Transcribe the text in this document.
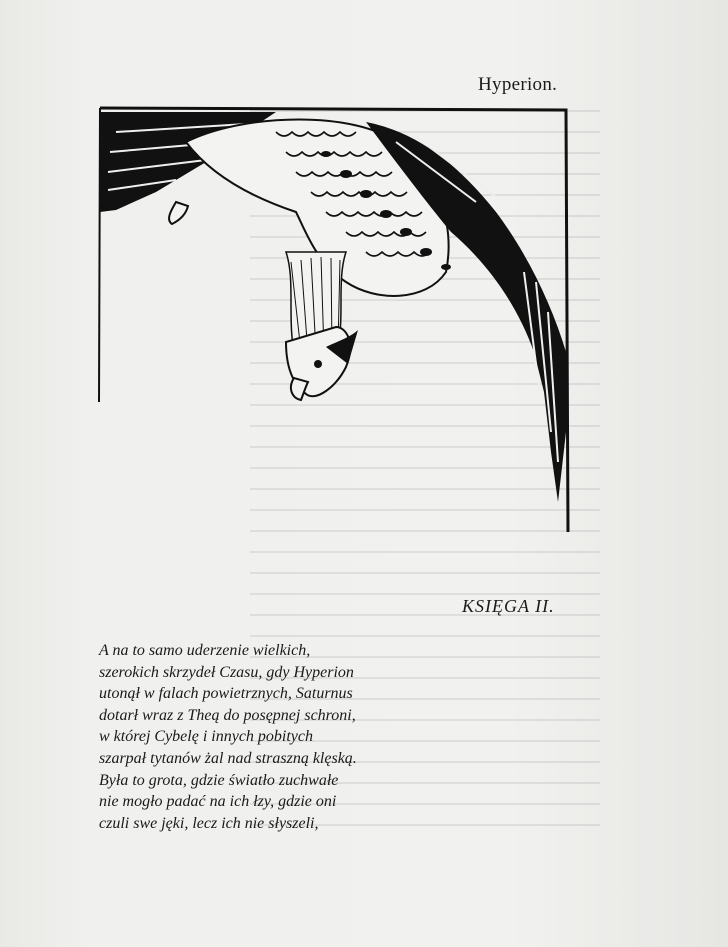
Hyperion.
KSIĘGA II.
A na to samo uderzenie wielkich,
szerokich skrzydeł Czasu, gdy Hyperion
utonął w falach powietrznych, Saturnus
dotarł wraz z Theą do posępnej schroni,
w której Cybelę i innych pobitych
szarpał tytanów żal nad straszną klęską.
Była to grota, gdzie światło zuchwałe
nie mogło padać na ich łzy, gdzie oni
czuli swe jęki, lecz ich nie słyszeli,
